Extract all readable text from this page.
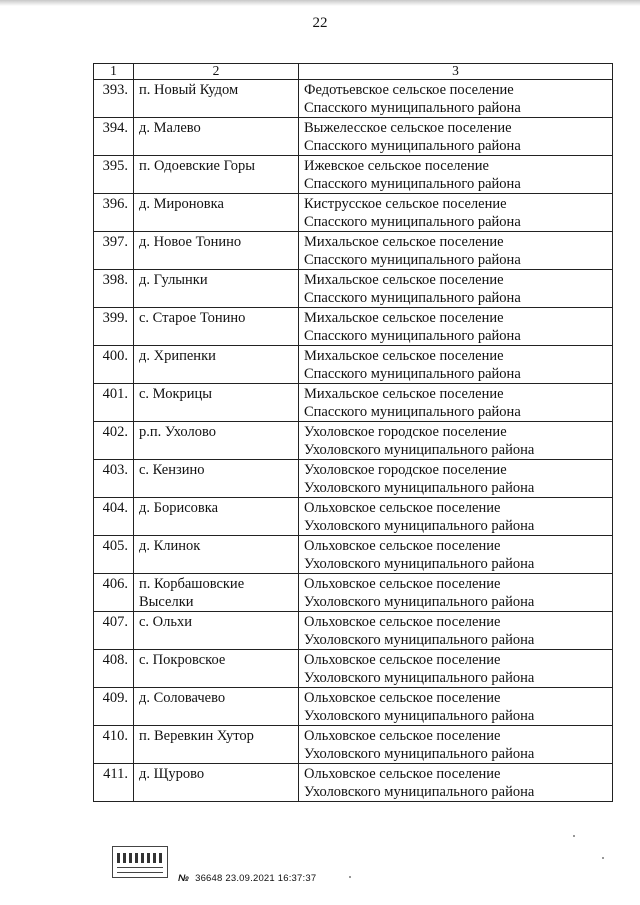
22
1	2	3
393.	п. Новый Кудом	Федотьевское сельское поселение
Спасского муниципального района

394.	д. Малево	Выжелесское сельское поселение
Спасского муниципального района

395.	п. Одоевские Горы	Ижевское сельское поселение
Спасского муниципального района

396.	д. Мироновка	Киструсское сельское поселение
Спасского муниципального района

397.	д. Новое Тонино	Михальское сельское поселение
Спасского муниципального района

398.	д. Гулынки	Михальское сельское поселение
Спасского муниципального района

399.	с. Старое Тонино	Михальское сельское поселение
Спасского муниципального района

400.	д. Хрипенки	Михальское сельское поселение
Спасского муниципального района

401.	с. Мокрицы	Михальское сельское поселение
Спасского муниципального района

402.	р.п. Ухолово	Ухоловское городское поселение
Ухоловского муниципального района

403.	с. Кензино	Ухоловское городское поселение
Ухоловского муниципального района

404.	д. Борисовка	Ольховское сельское поселение
Ухоловского муниципального района

405.	д. Клинок	Ольховское сельское поселение
Ухоловского муниципального района

406.	п. Корбашовские Выселки	Ольховское сельское поселение
Ухоловского муниципального района

407.	с. Ольхи	Ольховское сельское поселение
Ухоловского муниципального района

408.	с. Покровское	Ольховское сельское поселение
Ухоловского муниципального района

409.	д. Соловачево	Ольховское сельское поселение
Ухоловского муниципального района

410.	п. Веревкин Хутор	Ольховское сельское поселение
Ухоловского муниципального района

411.	д. Щурово	Ольховское сельское поселение
Ухоловского муниципального района
№ 36648 23.09.2021 16:37:37
